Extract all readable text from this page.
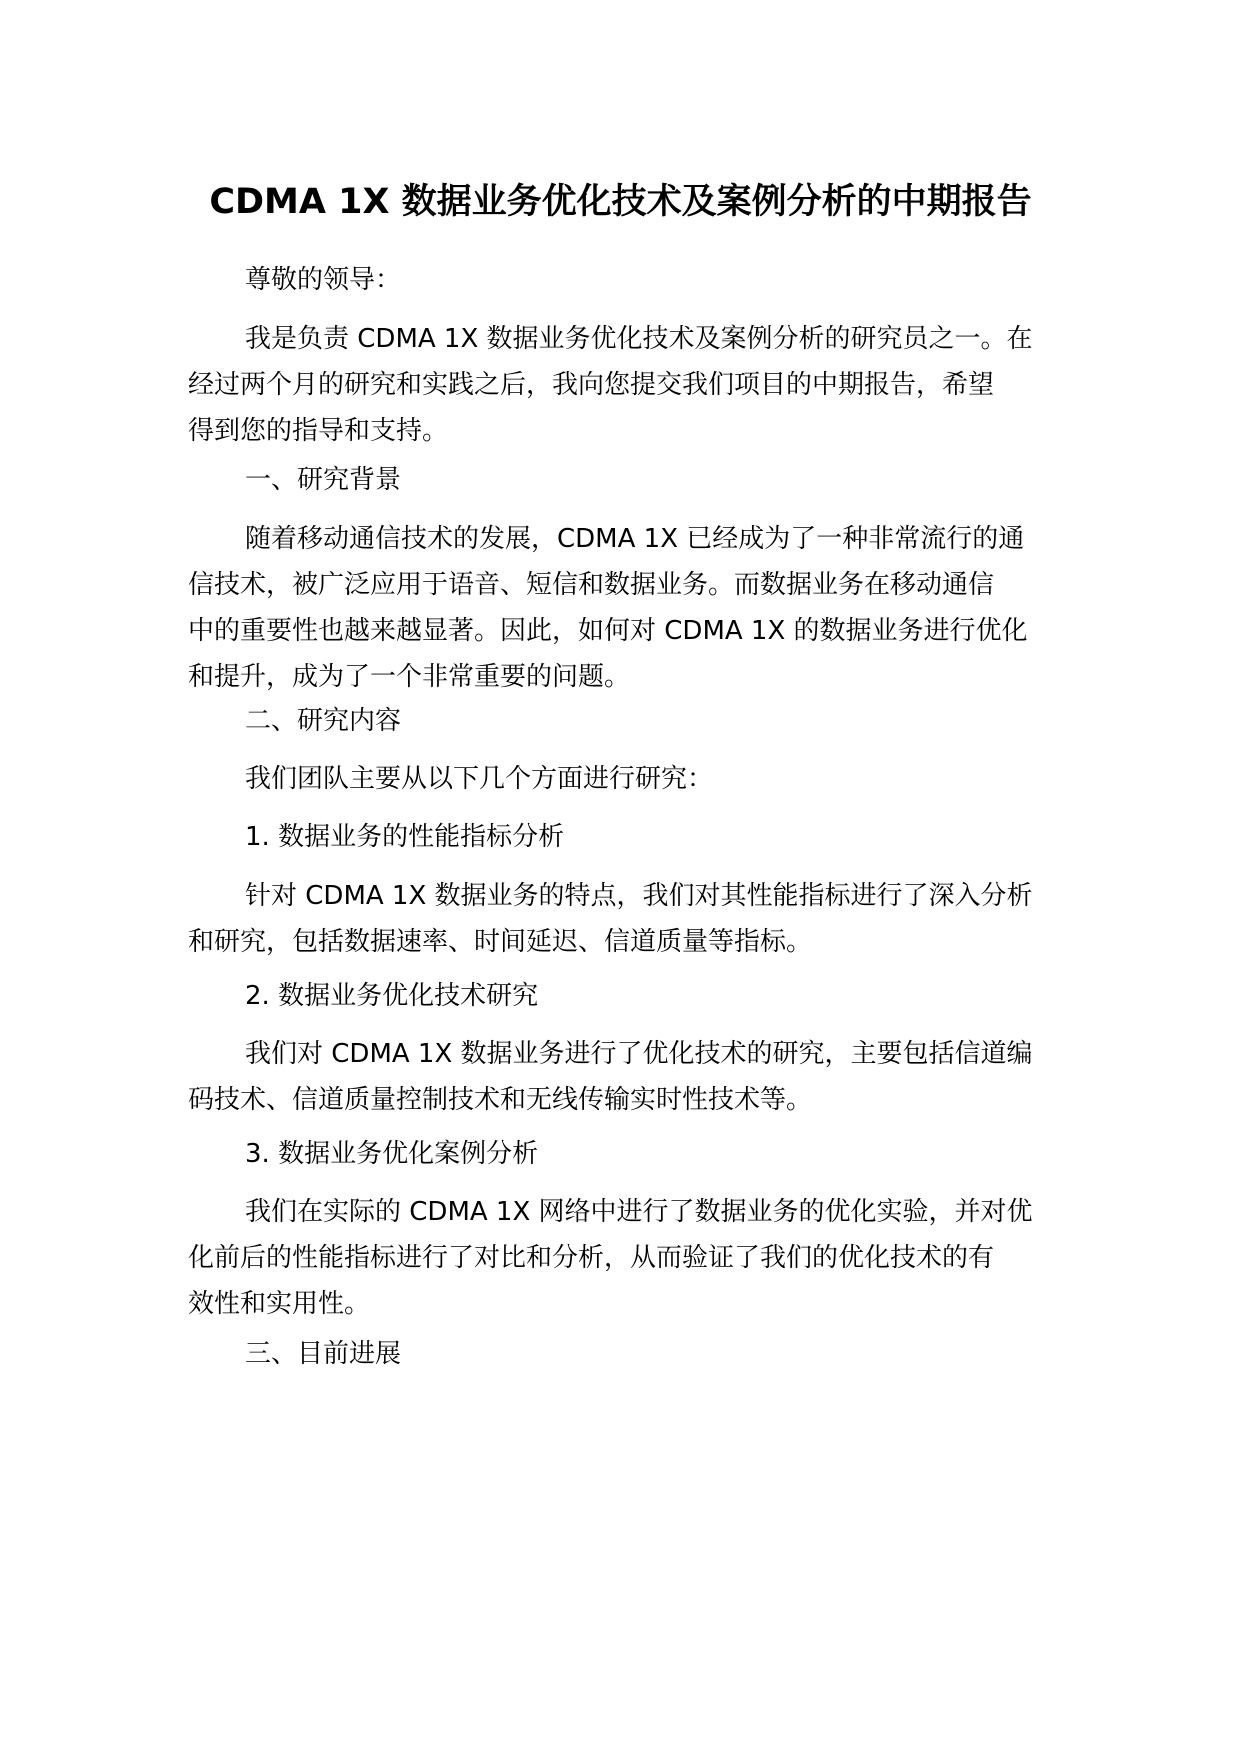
CDMA 1X 数据业务优化技术及案例分析的中期报告
尊敬的领导：
我是负责 CDMA 1X 数据业务优化技术及案例分析的研究员之一。在
经过两个月的研究和实践之后，我向您提交我们项目的中期报告，希望
得到您的指导和支持。
一、研究背景
随着移动通信技术的发展，CDMA 1X 已经成为了一种非常流行的通
信技术，被广泛应用于语音、短信和数据业务。而数据业务在移动通信
中的重要性也越来越显著。因此，如何对 CDMA 1X 的数据业务进行优化
和提升，成为了一个非常重要的问题。
二、研究内容
我们团队主要从以下几个方面进行研究：
1. 数据业务的性能指标分析
针对 CDMA 1X 数据业务的特点，我们对其性能指标进行了深入分析
和研究，包括数据速率、时间延迟、信道质量等指标。
2. 数据业务优化技术研究
我们对 CDMA 1X 数据业务进行了优化技术的研究，主要包括信道编
码技术、信道质量控制技术和无线传输实时性技术等。
3. 数据业务优化案例分析
我们在实际的 CDMA 1X 网络中进行了数据业务的优化实验，并对优
化前后的性能指标进行了对比和分析，从而验证了我们的优化技术的有
效性和实用性。
三、目前进展
